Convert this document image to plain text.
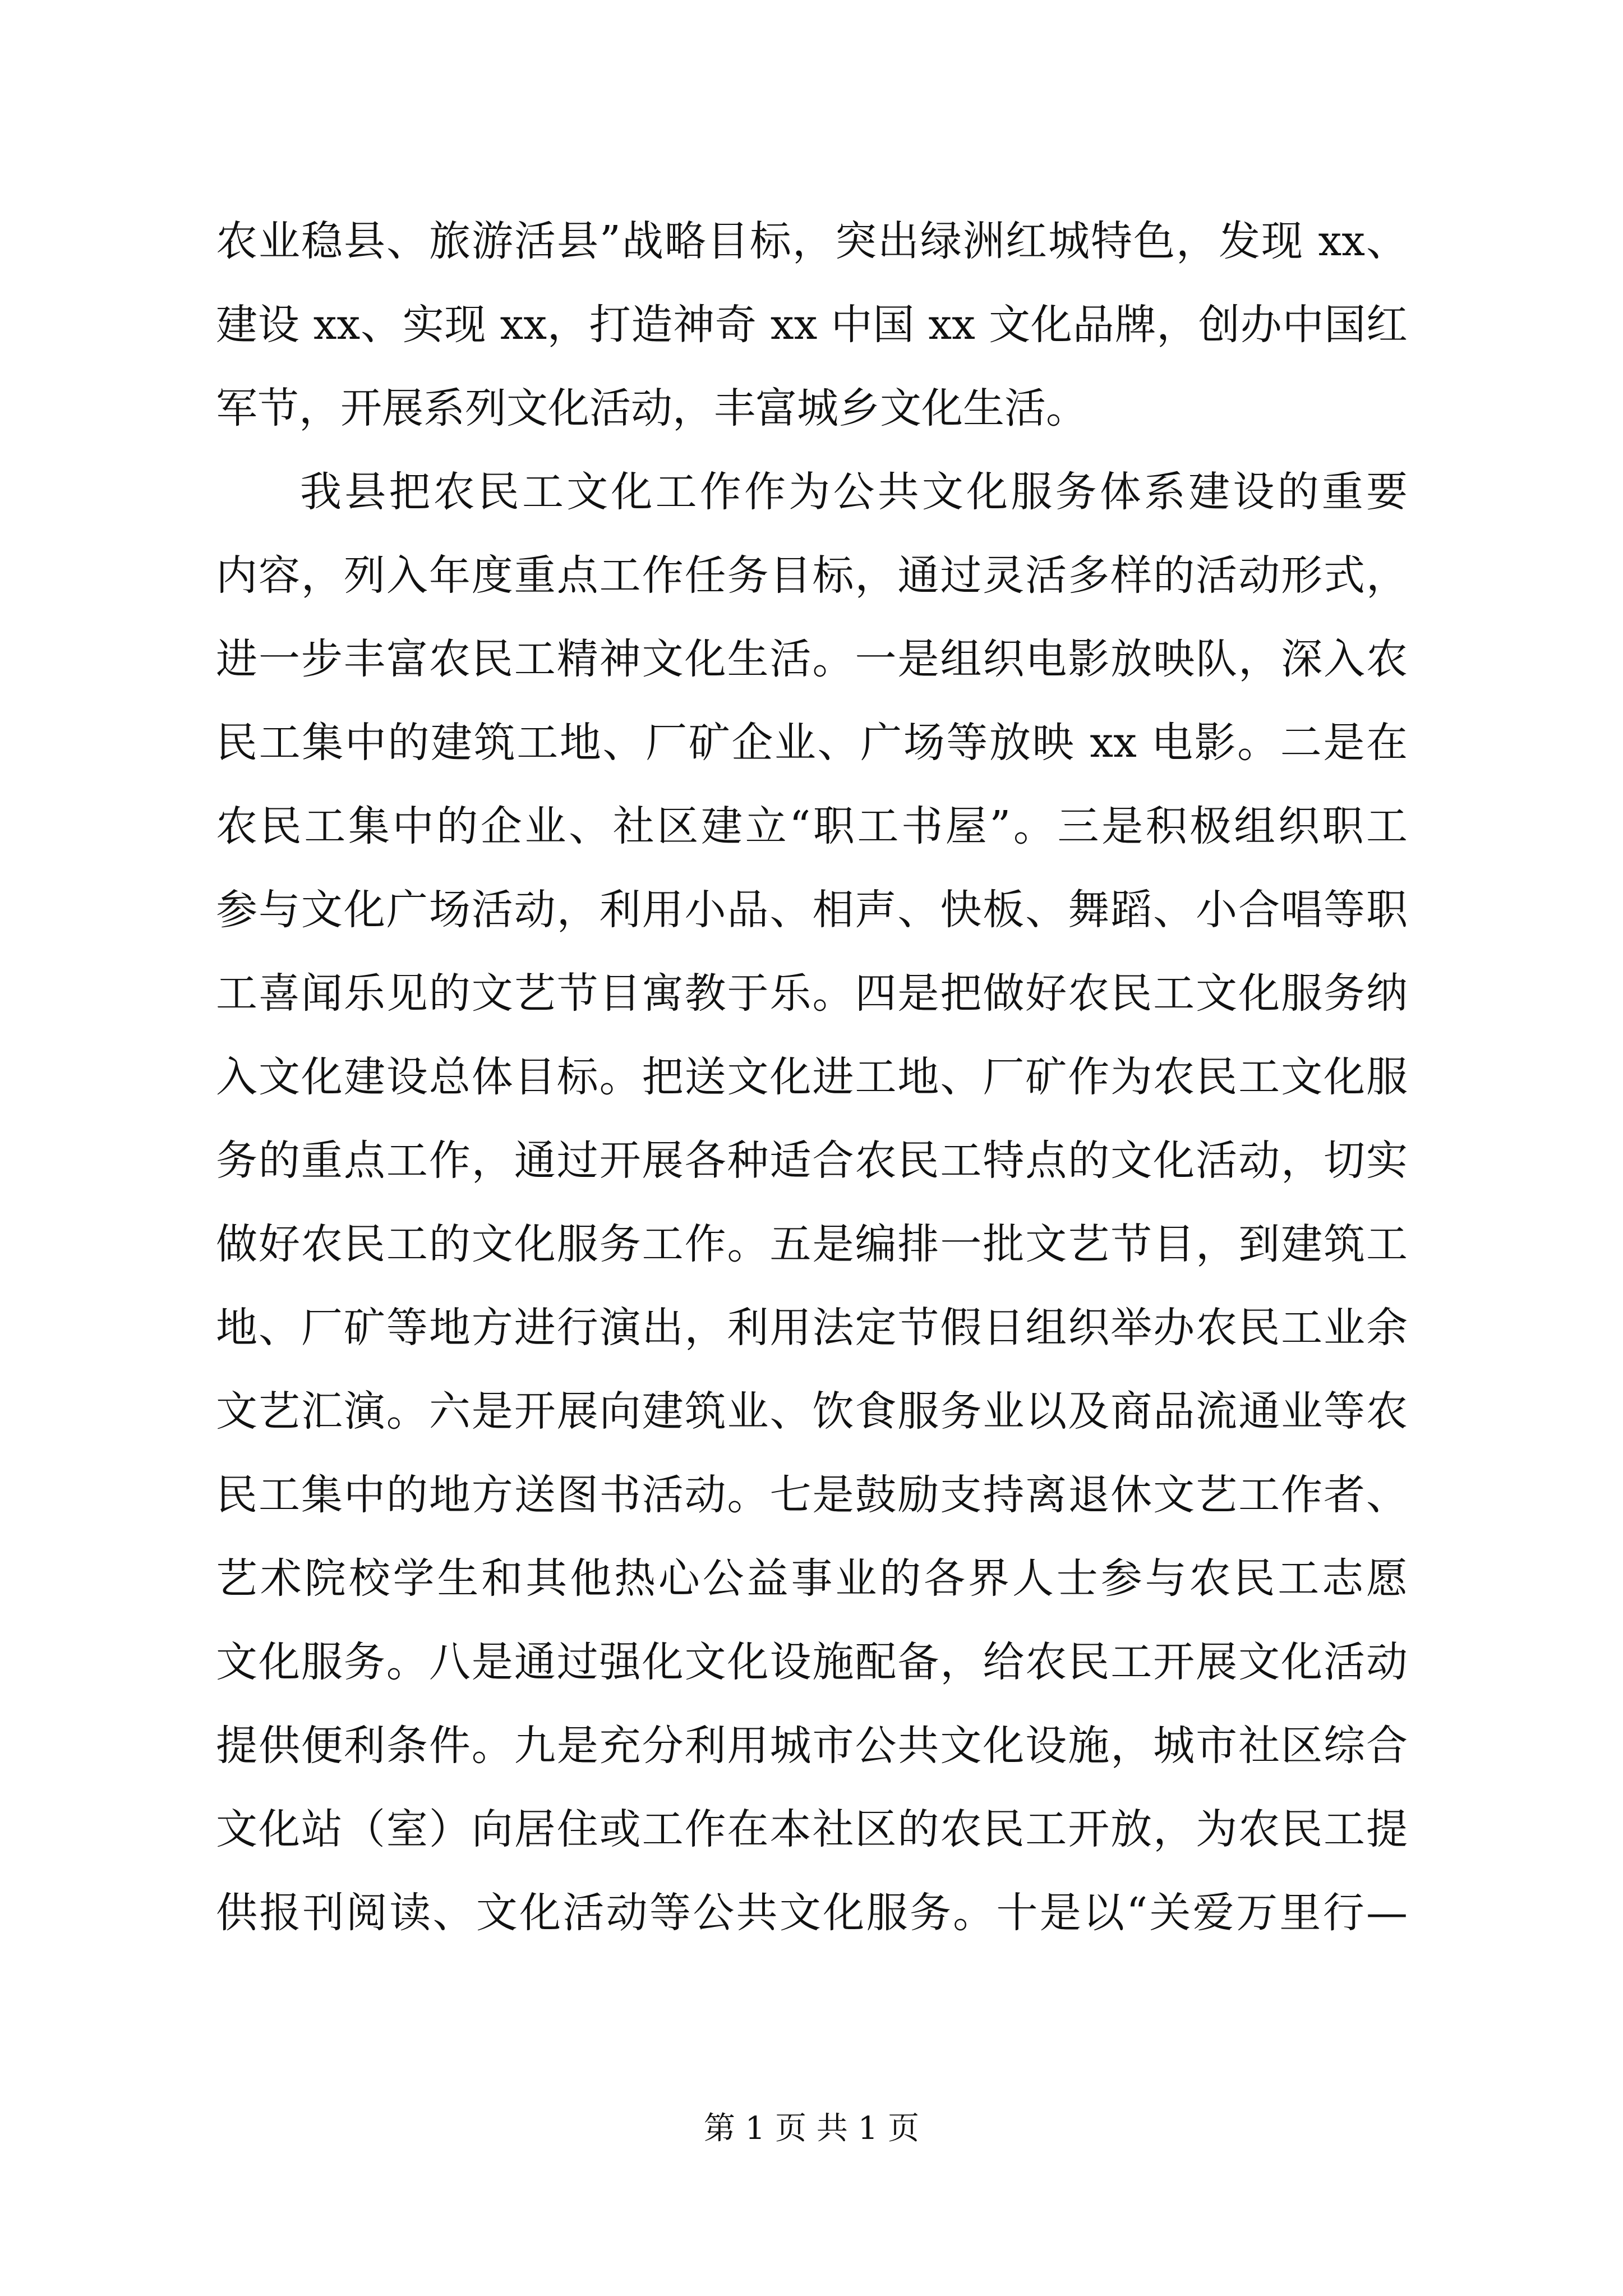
农业稳县、旅游活县”战略目标，突出绿洲红城特色，发现 xx、
建设 xx、实现 xx，打造神奇 xx 中国 xx 文化品牌，创办中国红
军节，开展系列文化活动，丰富城乡文化生活。
我县把农民工文化工作作为公共文化服务体系建设的重要
内容，列入年度重点工作任务目标，通过灵活多样的活动形式，
进一步丰富农民工精神文化生活。一是组织电影放映队，深入农
民工集中的建筑工地、厂矿企业、广场等放映 xx 电影。二是在
农民工集中的企业、社区建立“职工书屋”。三是积极组织职工
参与文化广场活动，利用小品、相声、快板、舞蹈、小合唱等职
工喜闻乐见的文艺节目寓教于乐。四是把做好农民工文化服务纳
入文化建设总体目标。把送文化进工地、厂矿作为农民工文化服
务的重点工作，通过开展各种适合农民工特点的文化活动，切实
做好农民工的文化服务工作。五是编排一批文艺节目，到建筑工
地、厂矿等地方进行演出，利用法定节假日组织举办农民工业余
文艺汇演。六是开展向建筑业、饮食服务业以及商品流通业等农
民工集中的地方送图书活动。七是鼓励支持离退休文艺工作者、
艺术院校学生和其他热心公益事业的各界人士参与农民工志愿
文化服务。八是通过强化文化设施配备，给农民工开展文化活动
提供便利条件。九是充分利用城市公共文化设施，城市社区综合
文化站（室）向居住或工作在本社区的农民工开放，为农民工提
供报刊阅读、文化活动等公共文化服务。十是以“关爱万里行—
第 1 页 共 1 页
